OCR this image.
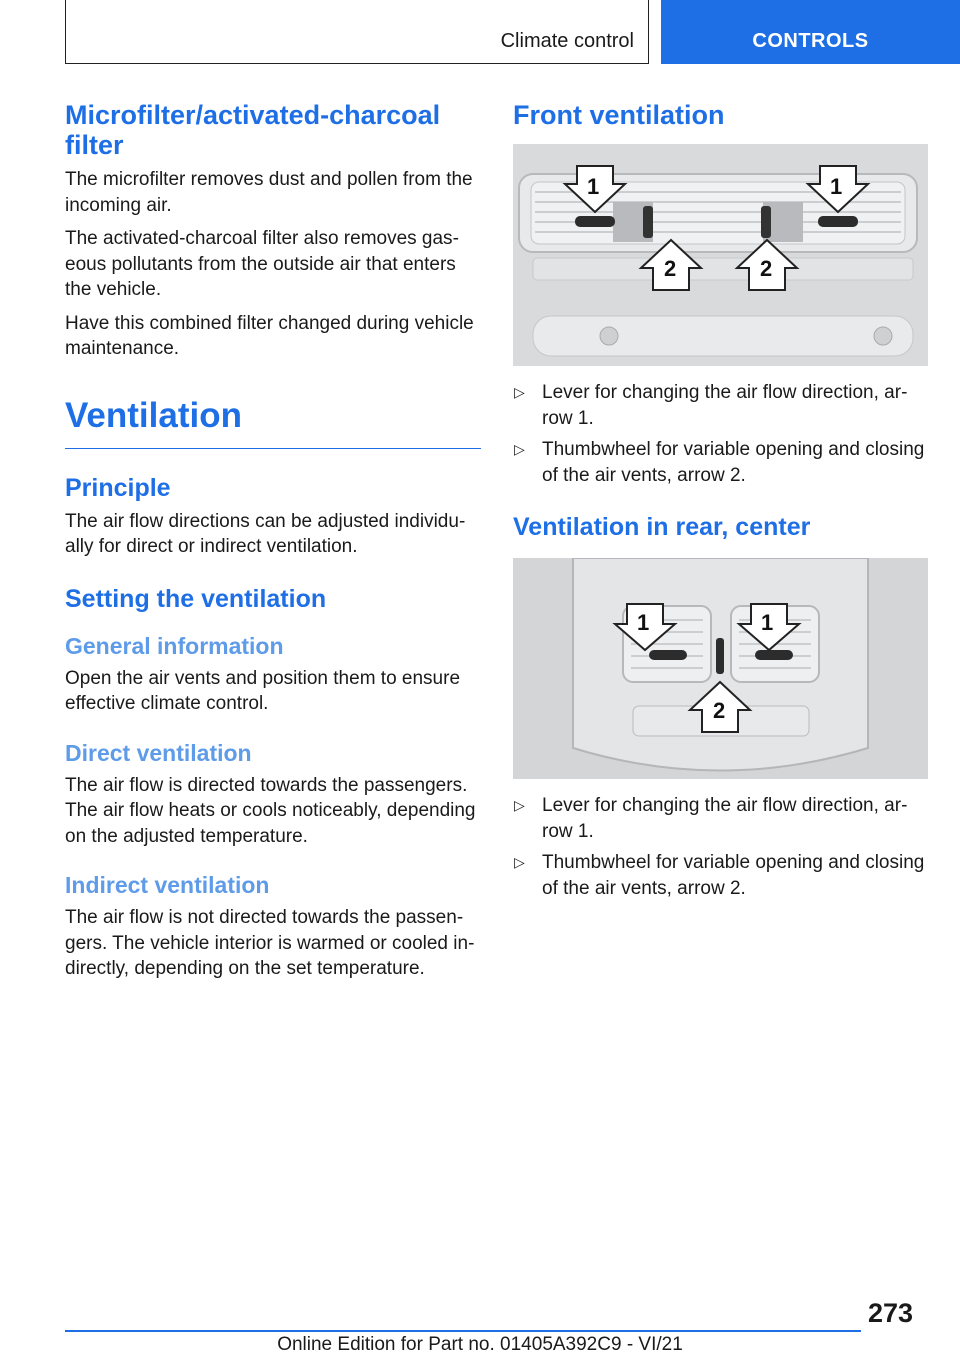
Climate control	CONTROLS
Microfilter/activated-charcoal filter

The microfilter removes dust and pollen from the incoming air.

The activated-charcoal filter also removes gaseous pollutants from the outside air that enters the vehicle.

Have this combined filter changed during vehicle maintenance.

Ventilation
Principle

The air flow directions can be adjusted individually for direct or indirect ventilation.

Setting the ventilation
General information

Open the air vents and position them to ensure effective climate control.

Direct ventilation

The air flow is directed towards the passengers. The air flow heats or cools noticeably, depending on the adjusted temperature.

Indirect ventilation

The air flow is not directed towards the passengers. The vehicle interior is warmed or cooled indirectly, depending on the set temperature.

Front ventilation
1	1
2	2
▷ Lever for changing the air flow direction, arrow 1.
▷ Thumbwheel for variable opening and closing of the air vents, arrow 2.
Ventilation in rear, center
1	1
2
▷ Lever for changing the air flow direction, arrow 1.
▷ Thumbwheel for variable opening and closing of the air vents, arrow 2.
273
Online Edition for Part no. 01405A392C9 - VI/21
